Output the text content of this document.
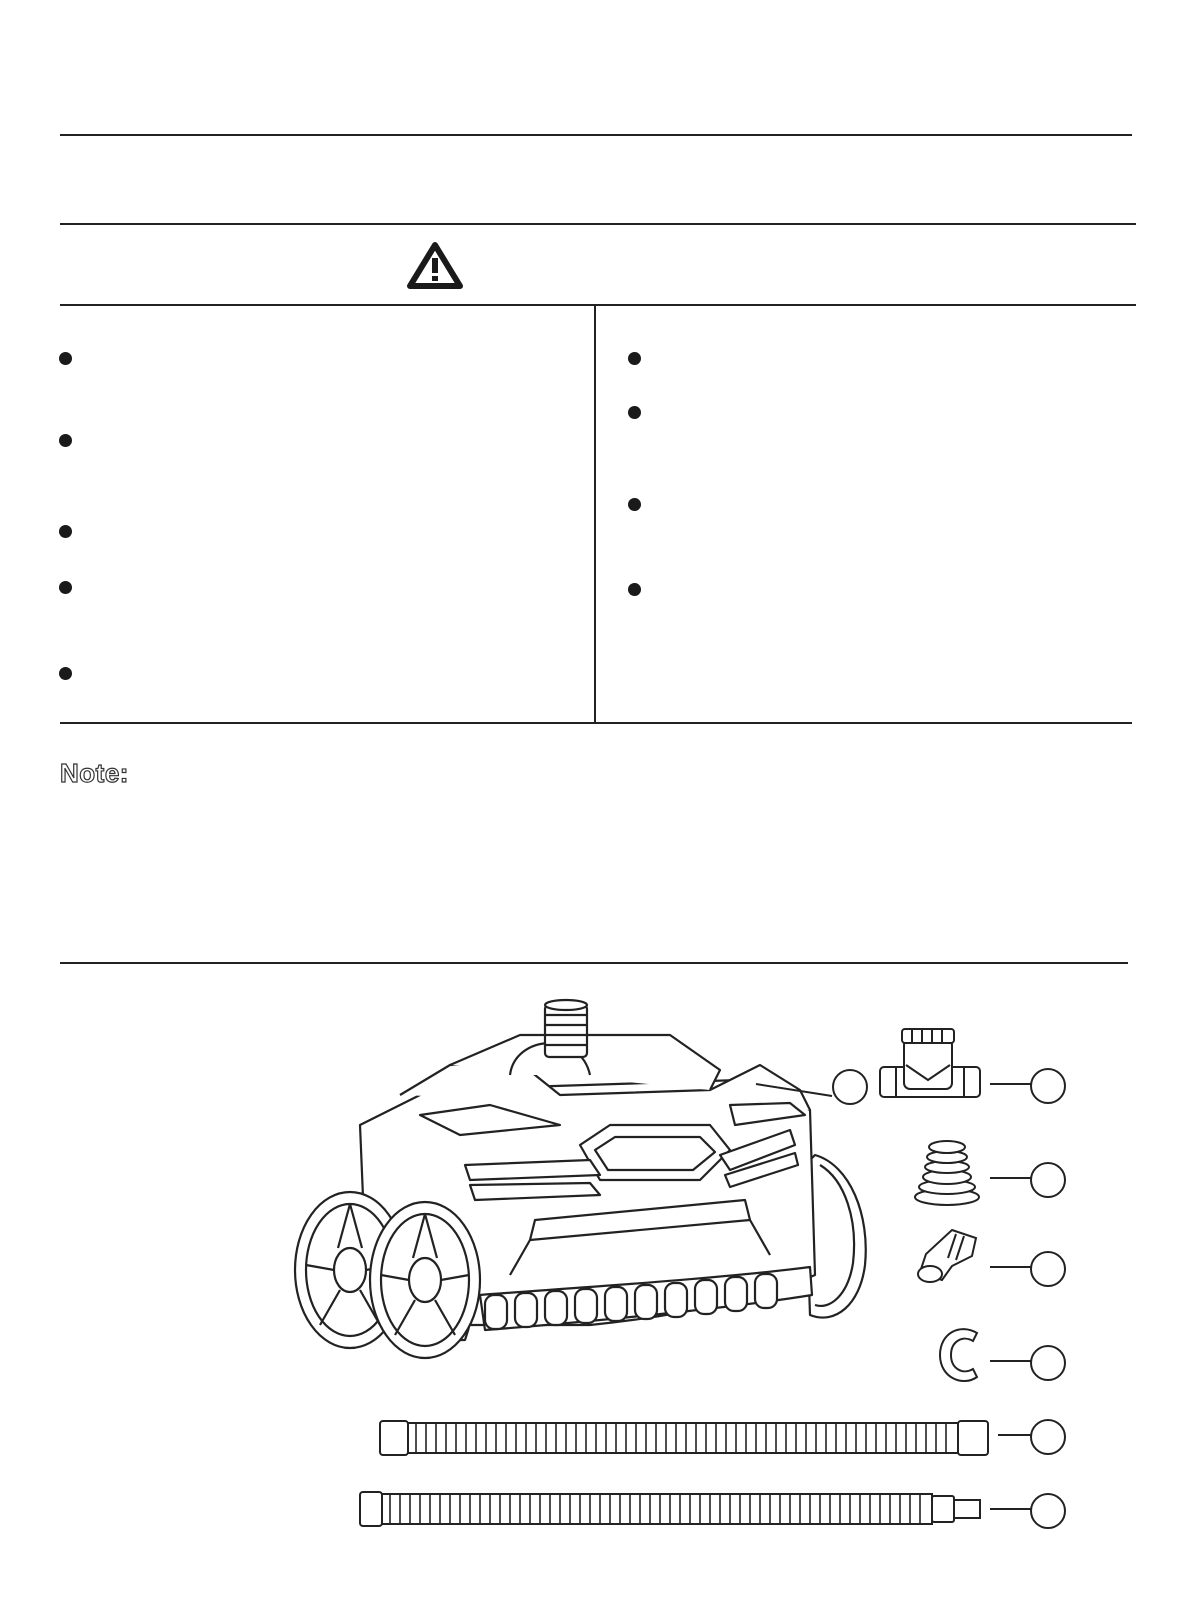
Note:
